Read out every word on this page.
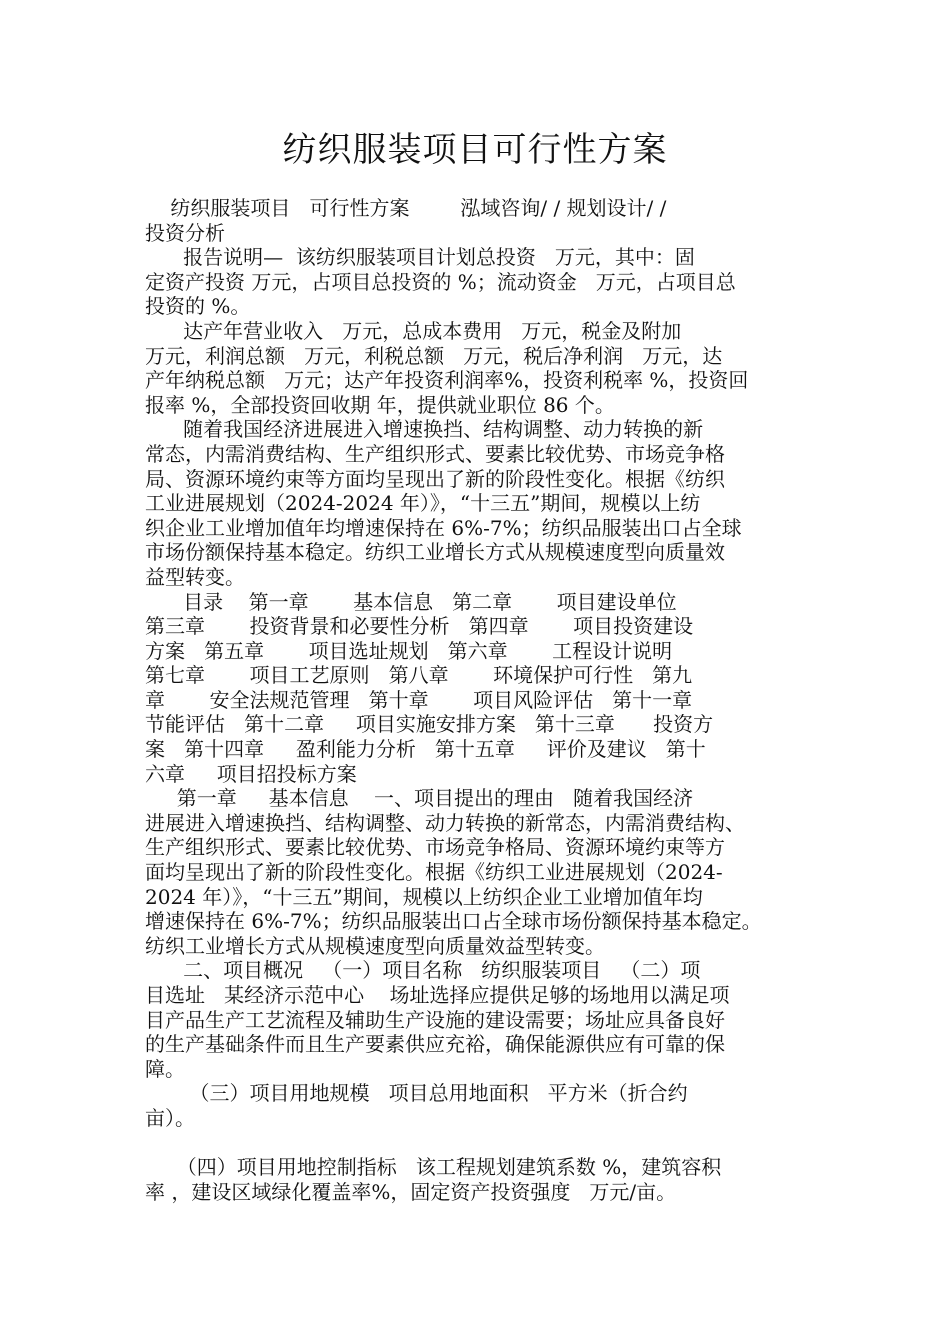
纺织服装项目可行性方案
纺织服装项目   可行性方案        泓域咨询/ / 规划设计/ /
投资分析
报告说明—  该纺织服装项目计划总投资   万元，其中：固
定资产投资 万元，占项目总投资的 %；流动资金   万元，占项目总
投资的 %。
达产年营业收入   万元，总成本费用   万元，税金及附加
万元，利润总额   万元，利税总额   万元，税后净利润   万元，达
产年纳税总额   万元；达产年投资利润率%，投资利税率 %，投资回
报率 %，全部投资回收期 年，提供就业职位 86 个。
随着我国经济进展进入增速换挡、结构调整、动力转换的新
常态，内需消费结构、生产组织形式、要素比较优势、市场竞争格
局、资源环境约束等方面均呈现出了新的阶段性变化。根据《纺织
工业进展规划（2024-2024 年）》，“十三五”期间，规模以上纺
织企业工业增加值年均增速保持在 6%-7%；纺织品服装出口占全球
市场份额保持基本稳定。纺织工业增长方式从规模速度型向质量效
益型转变。
目录    第一章       基本信息   第二章       项目建设单位
第三章       投资背景和必要性分析   第四章       项目投资建设
方案   第五章       项目选址规划   第六章       工程设计说明
第七章       项目工艺原则   第八章       环境保护可行性   第九
章       安全法规范管理   第十章       项目风险评估   第十一章
节能评估   第十二章     项目实施安排方案   第十三章      投资方
案   第十四章     盈利能力分析   第十五章     评价及建议   第十
六章     项目招投标方案
第一章     基本信息    一、项目提出的理由   随着我国经济
进展进入增速换挡、结构调整、动力转换的新常态，内需消费结构、
生产组织形式、要素比较优势、市场竞争格局、资源环境约束等方
面均呈现出了新的阶段性变化。根据《纺织工业进展规划（2024-
2024 年）》，“十三五”期间，规模以上纺织企业工业增加值年均
增速保持在 6%-7%；纺织品服装出口占全球市场份额保持基本稳定。
纺织工业增长方式从规模速度型向质量效益型转变。
二、项目概况   （一）项目名称   纺织服装项目   （二）项
目选址   某经济示范中心    场址选择应提供足够的场地用以满足项
目产品生产工艺流程及辅助生产设施的建设需要；场址应具备良好
的生产基础条件而且生产要素供应充裕，确保能源供应有可靠的保
障。
（三）项目用地规模   项目总用地面积   平方米（折合约
亩）。
（四）项目用地控制指标   该工程规划建筑系数 %，建筑容积
率 ，建设区域绿化覆盖率%，固定资产投资强度   万元/亩。
